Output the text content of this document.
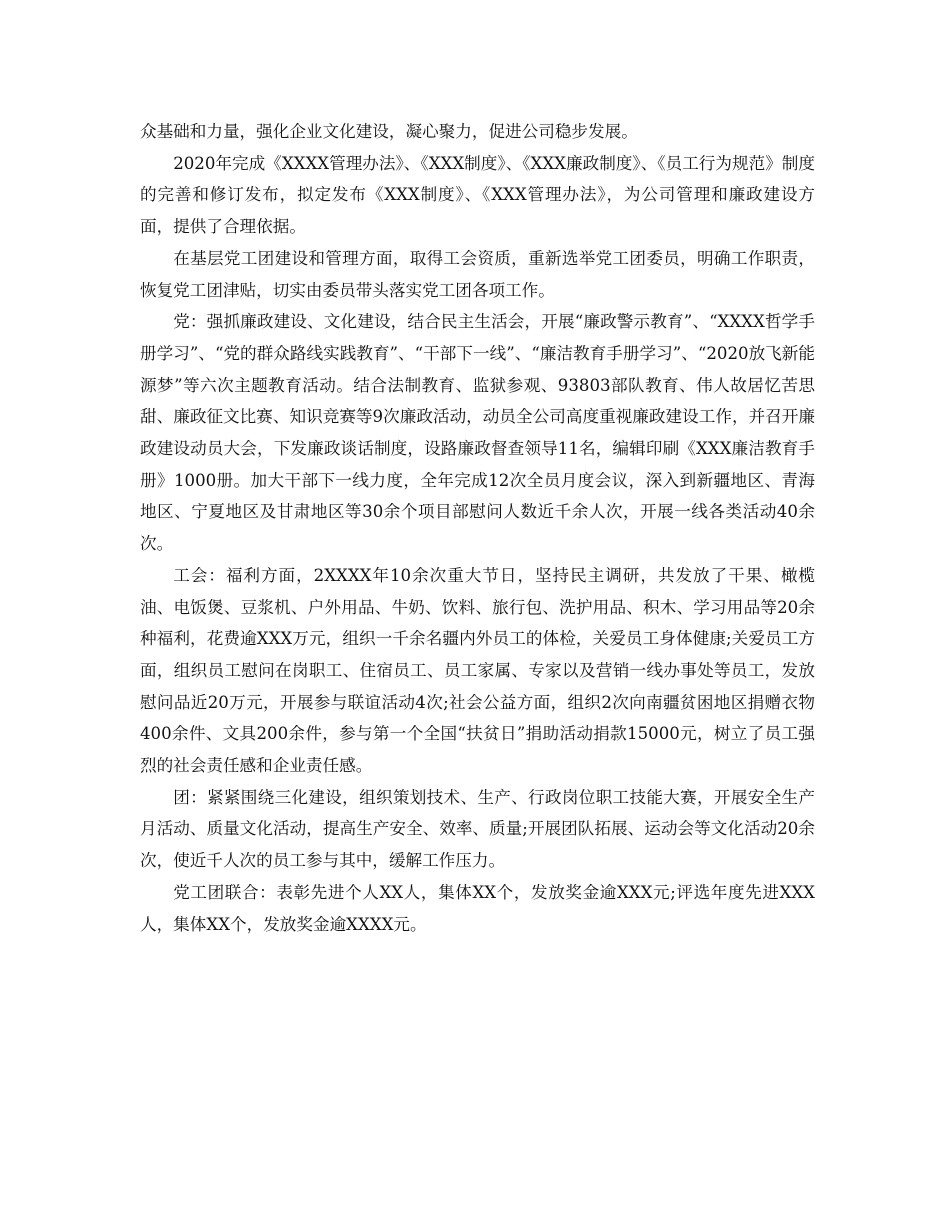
众基础和力量，强化企业文化建设，凝心聚力，促进公司稳步发展。

2020年完成《XXXX管理办法》、《XXX制度》、《XXX廉政制度》、《员工行为规范》制度的完善和修订发布，拟定发布《XXX制度》、《XXX管理办法》，为公司管理和廉政建设方面，提供了合理依据。

在基层党工团建设和管理方面，取得工会资质，重新选举党工团委员，明确工作职责，恢复党工团津贴，切实由委员带头落实党工团各项工作。

党：强抓廉政建设、文化建设，结合民主生活会，开展“廉政警示教育”、“XXXX哲学手册学习”、“党的群众路线实践教育”、“干部下一线”、“廉洁教育手册学习”、“2020放飞新能源梦”等六次主题教育活动。结合法制教育、监狱参观、93803部队教育、伟人故居忆苦思甜、廉政征文比赛、知识竞赛等9次廉政活动，动员全公司高度重视廉政建设工作，并召开廉政建设动员大会，下发廉政谈话制度，设路廉政督查领导11名，编辑印刷《XXX廉洁教育手册》1000册。加大干部下一线力度，全年完成12次全员月度会议，深入到新疆地区、青海地区、宁夏地区及甘肃地区等30余个项目部慰问人数近千余人次，开展一线各类活动40余次。

工会：福利方面，2XXXX年10余次重大节日，坚持民主调研，共发放了干果、橄榄油、电饭煲、豆浆机、户外用品、牛奶、饮料、旅行包、洗护用品、积木、学习用品等20余种福利，花费逾XXX万元，组织一千余名疆内外员工的体检，关爱员工身体健康;关爱员工方面，组织员工慰问在岗职工、住宿员工、员工家属、专家以及营销一线办事处等员工，发放慰问品近20万元，开展参与联谊活动4次;社会公益方面，组织2次向南疆贫困地区捐赠衣物400余件、文具200余件，参与第一个全国“扶贫日”捐助活动捐款15000元，树立了员工强烈的社会责任感和企业责任感。

团：紧紧围绕三化建设，组织策划技术、生产、行政岗位职工技能大赛，开展安全生产月活动、质量文化活动，提高生产安全、效率、质量;开展团队拓展、运动会等文化活动20余次，使近千人次的员工参与其中，缓解工作压力。

党工团联合：表彰先进个人XX人，集体XX个，发放奖金逾XXX元;评选年度先进XXX人，集体XX个，发放奖金逾XXXX元。
